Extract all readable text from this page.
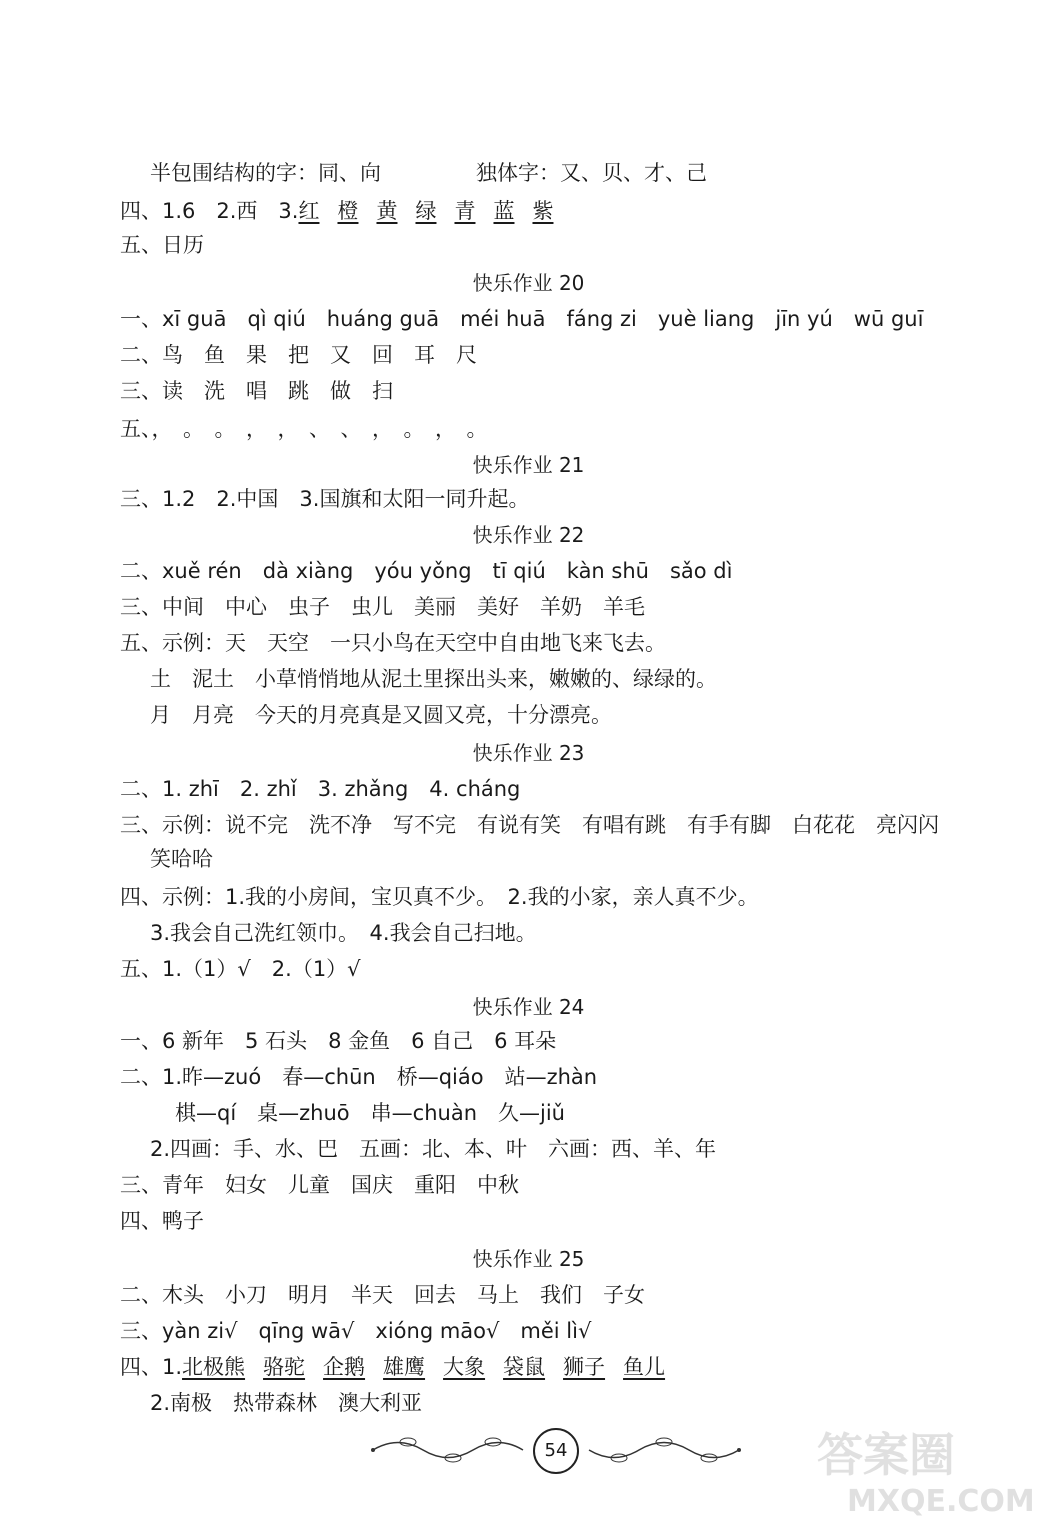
半包围结构的字：同、向	独体字：又、贝、才、己
四、1.6　2.西　3.红 橙 黄 绿 青 蓝 紫
五、日历
快乐作业 20
一、xī guā　qì qiú　huáng guā　méi huā　fáng zi　yuè liang　jīn yú　wū guī
二、鸟　鱼　果　把　又　回　耳　尺
三、读　洗　唱　跳　做　扫
五、，　。　。　，　，　、　、　，　。　，　。
快乐作业 21
三、1.2　2.中国　3.国旗和太阳一同升起。
快乐作业 22
二、xuě rén　dà xiàng　yóu yǒng　tī qiú　kàn shū　sǎo dì
三、中间　中心　虫子　虫儿　美丽　美好　羊奶　羊毛
五、示例：天　天空　一只小鸟在天空中自由地飞来飞去。
土　泥土　小草悄悄地从泥土里探出头来，嫩嫩的、绿绿的。
月　月亮　今天的月亮真是又圆又亮，十分漂亮。
快乐作业 23
二、1. zhī　2. zhǐ　3. zhǎng　4. cháng
三、示例：说不完　洗不净　写不完　有说有笑　有唱有跳　有手有脚　白花花　亮闪闪
笑哈哈
四、示例：1.我的小房间，宝贝真不少。　2.我的小家，亲人真不少。
3.我会自己洗红领巾。　4.我会自己扫地。
五、1.（1）√　2.（1）√
快乐作业 24
一、6 新年　5 石头　8 金鱼　6 自己　6 耳朵
二、1.昨—zuó　春—chūn　桥—qiáo　站—zhàn
棋—qí　桌—zhuō　串—chuàn　久—jiǔ
2.四画：手、水、巴　五画：北、本、叶　六画：西、羊、年
三、青年　妇女　儿童　国庆　重阳　中秋
四、鸭子
快乐作业 25
二、木头　小刀　明月　半天　回去　马上　我们　子女
三、yàn zi√　qīng wā√　xióng māo√　měi lì√
四、1.北极熊 骆驼 企鹅 雄鹰 大象 袋鼠 狮子 鱼儿
2.南极　热带森林　澳大利亚
54	答案圈
MXQE.COM
